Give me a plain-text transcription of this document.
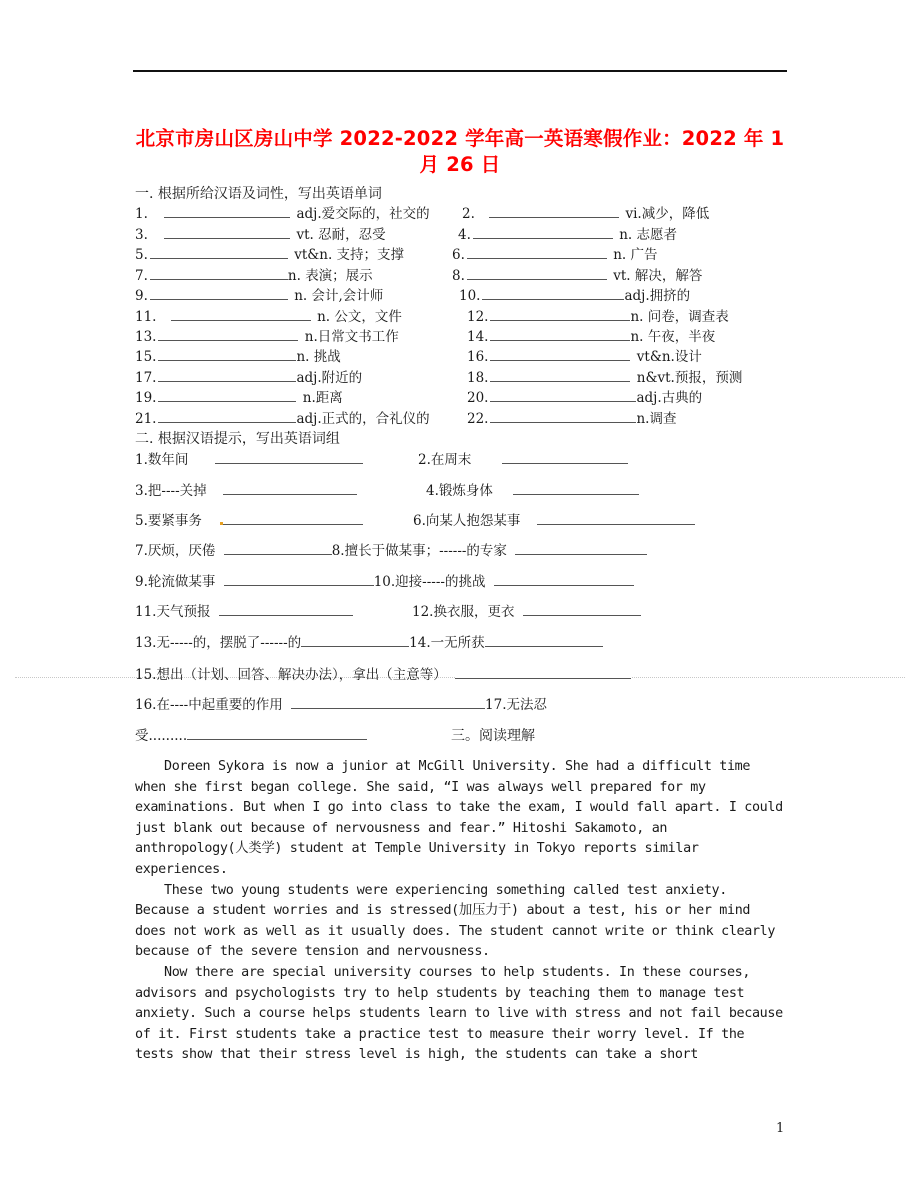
北京市房山区房山中学 2022-2022 学年高一英语寒假作业：2022 年 1
月 26 日
一. 根据所给汉语及词性，写出英语单词
1.	adj.爱交际的，社交的 2.	vi.减少，降低
3.	vt. 忍耐，忍受	4.	n. 志愿者
5.	vt&n. 支持；支撑	6.	n. 广告
7.	n. 表演；展示	8.	vt. 解决，解答
9.	n. 会计,会计师	10.	adj.拥挤的
11.	n. 公文，文件	12.	n. 问卷，调查表
13.	n.日常文书工作	14.	n. 午夜，半夜
15.	n. 挑战	16.	vt&n.设计
17.	adj.附近的	18.	n&vt.预报，预测
19.	n.距离	20.	adj.古典的
21.	adj.正式的，合礼仪的	22.	n.调查
二. 根据汉语提示，写出英语词组
1.数年间	2.在周末
3.把----关掉	4.锻炼身体
5.要紧事务	6.向某人抱怨某事
7.厌烦，厌倦	8.擅长于做某事；------的专家
9.轮流做某事	10.迎接-----的挑战
11.天气预报	12.换衣服，更衣
13.无-----的，摆脱了------的	14.一无所获
15.想出（计划、回答、解决办法），拿出（主意等）
16.在----中起重要的作用	17.无法忍
受.........	三。阅读理解

Doreen Sykora is now a junior at McGill University. She had a difficult time when she first began college. She said, “I was always well prepared for my examinations. But when I go into class to take the exam, I would fall apart. I could just blank out because of nervousness and fear.” Hitoshi Sakamoto, an anthropology(人类学) student at Temple University in Tokyo reports similar experiences.

These two young students were experiencing something called test anxiety. Because a student worries and is stressed(加压力于) about a test, his or her mind does not work as well as it usually does. The student cannot write or think clearly because of the severe tension and nervousness.

Now there are special university courses to help students. In these courses, advisors and psychologists try to help students by teaching them to manage test anxiety. Such a course helps students learn to live with stress and not fail because of it. First students take a practice test to measure their worry level. If the tests show that their stress level is high, the students can take a short

1
